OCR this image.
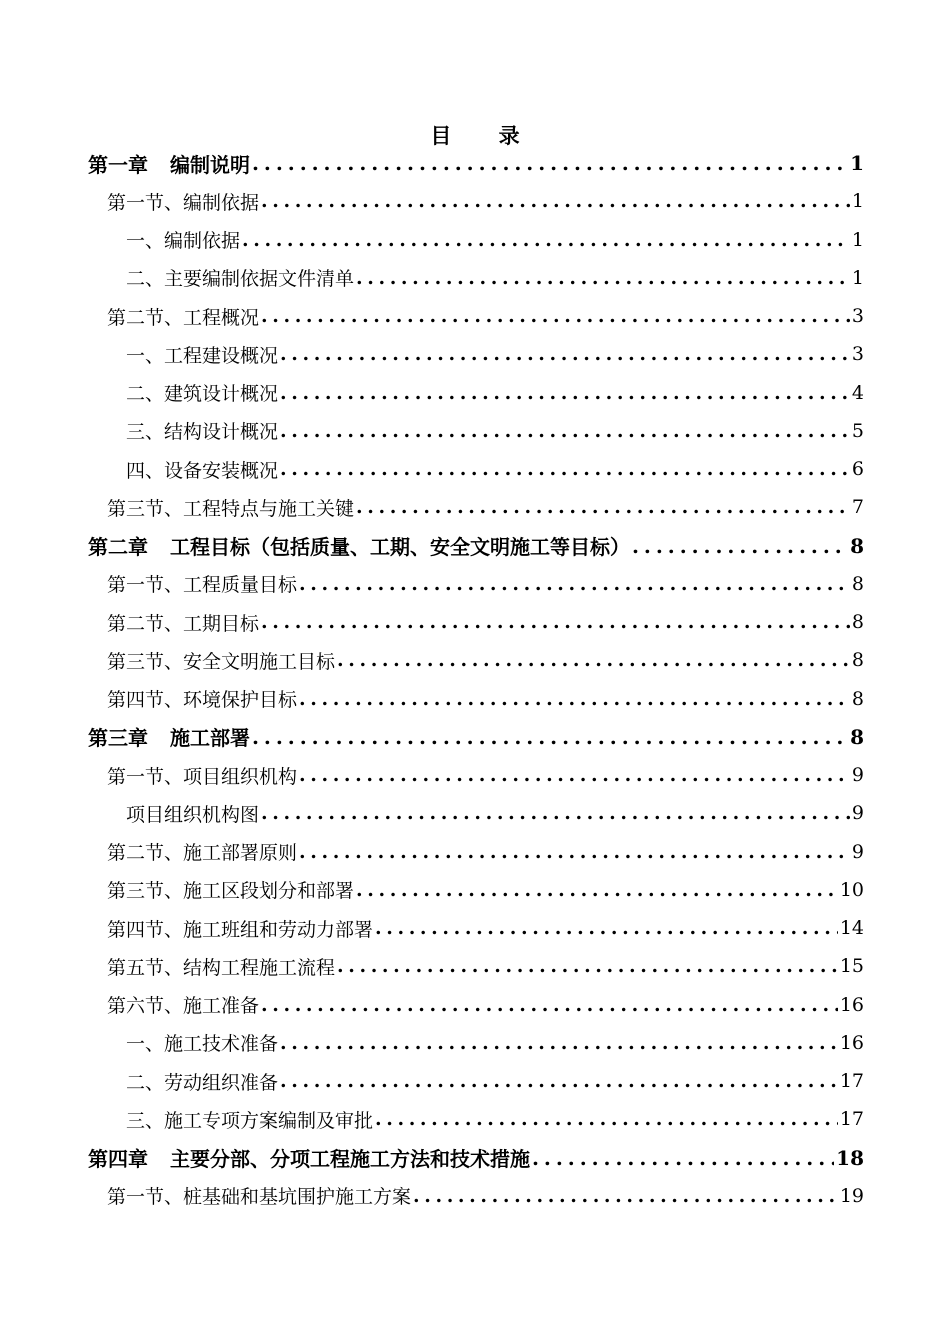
目 录
第一章 编制说明 . . .	1
第一节、编制依据 . . .	1
一、编制依据 . . .	1
二、主要编制依据文件清单 . . .	1
第二节、工程概况 . . .	3
一、工程建设概况 . . .	3
二、建筑设计概况 . . .	4
三、结构设计概况 . . .	5
四、设备安装概况 . . .	6
第三节、工程特点与施工关键 . . .	7
第二章 工程目标（包括质量、工期、安全文明施工等目标） . . .	8
第一节、工程质量目标 . . .	8
第二节、工期目标 . . .	8
第三节、安全文明施工目标 . . .	8
第四节、环境保护目标 . . .	8
第三章 施工部署 . . .	8
第一节、项目组织机构 . . .	9
项目组织机构图 . . .	9
第二节、施工部署原则 . . .	9
第三节、施工区段划分和部署 . . .	10
第四节、施工班组和劳动力部署 . . .	14
第五节、结构工程施工流程 . . .	15
第六节、施工准备 . . .	16
一、施工技术准备 . . .	16
二、劳动组织准备 . . .	17
三、施工专项方案编制及审批 . . .	17
第四章 主要分部、分项工程施工方法和技术措施 . . .	18
第一节、桩基础和基坑围护施工方案 . . .	19
